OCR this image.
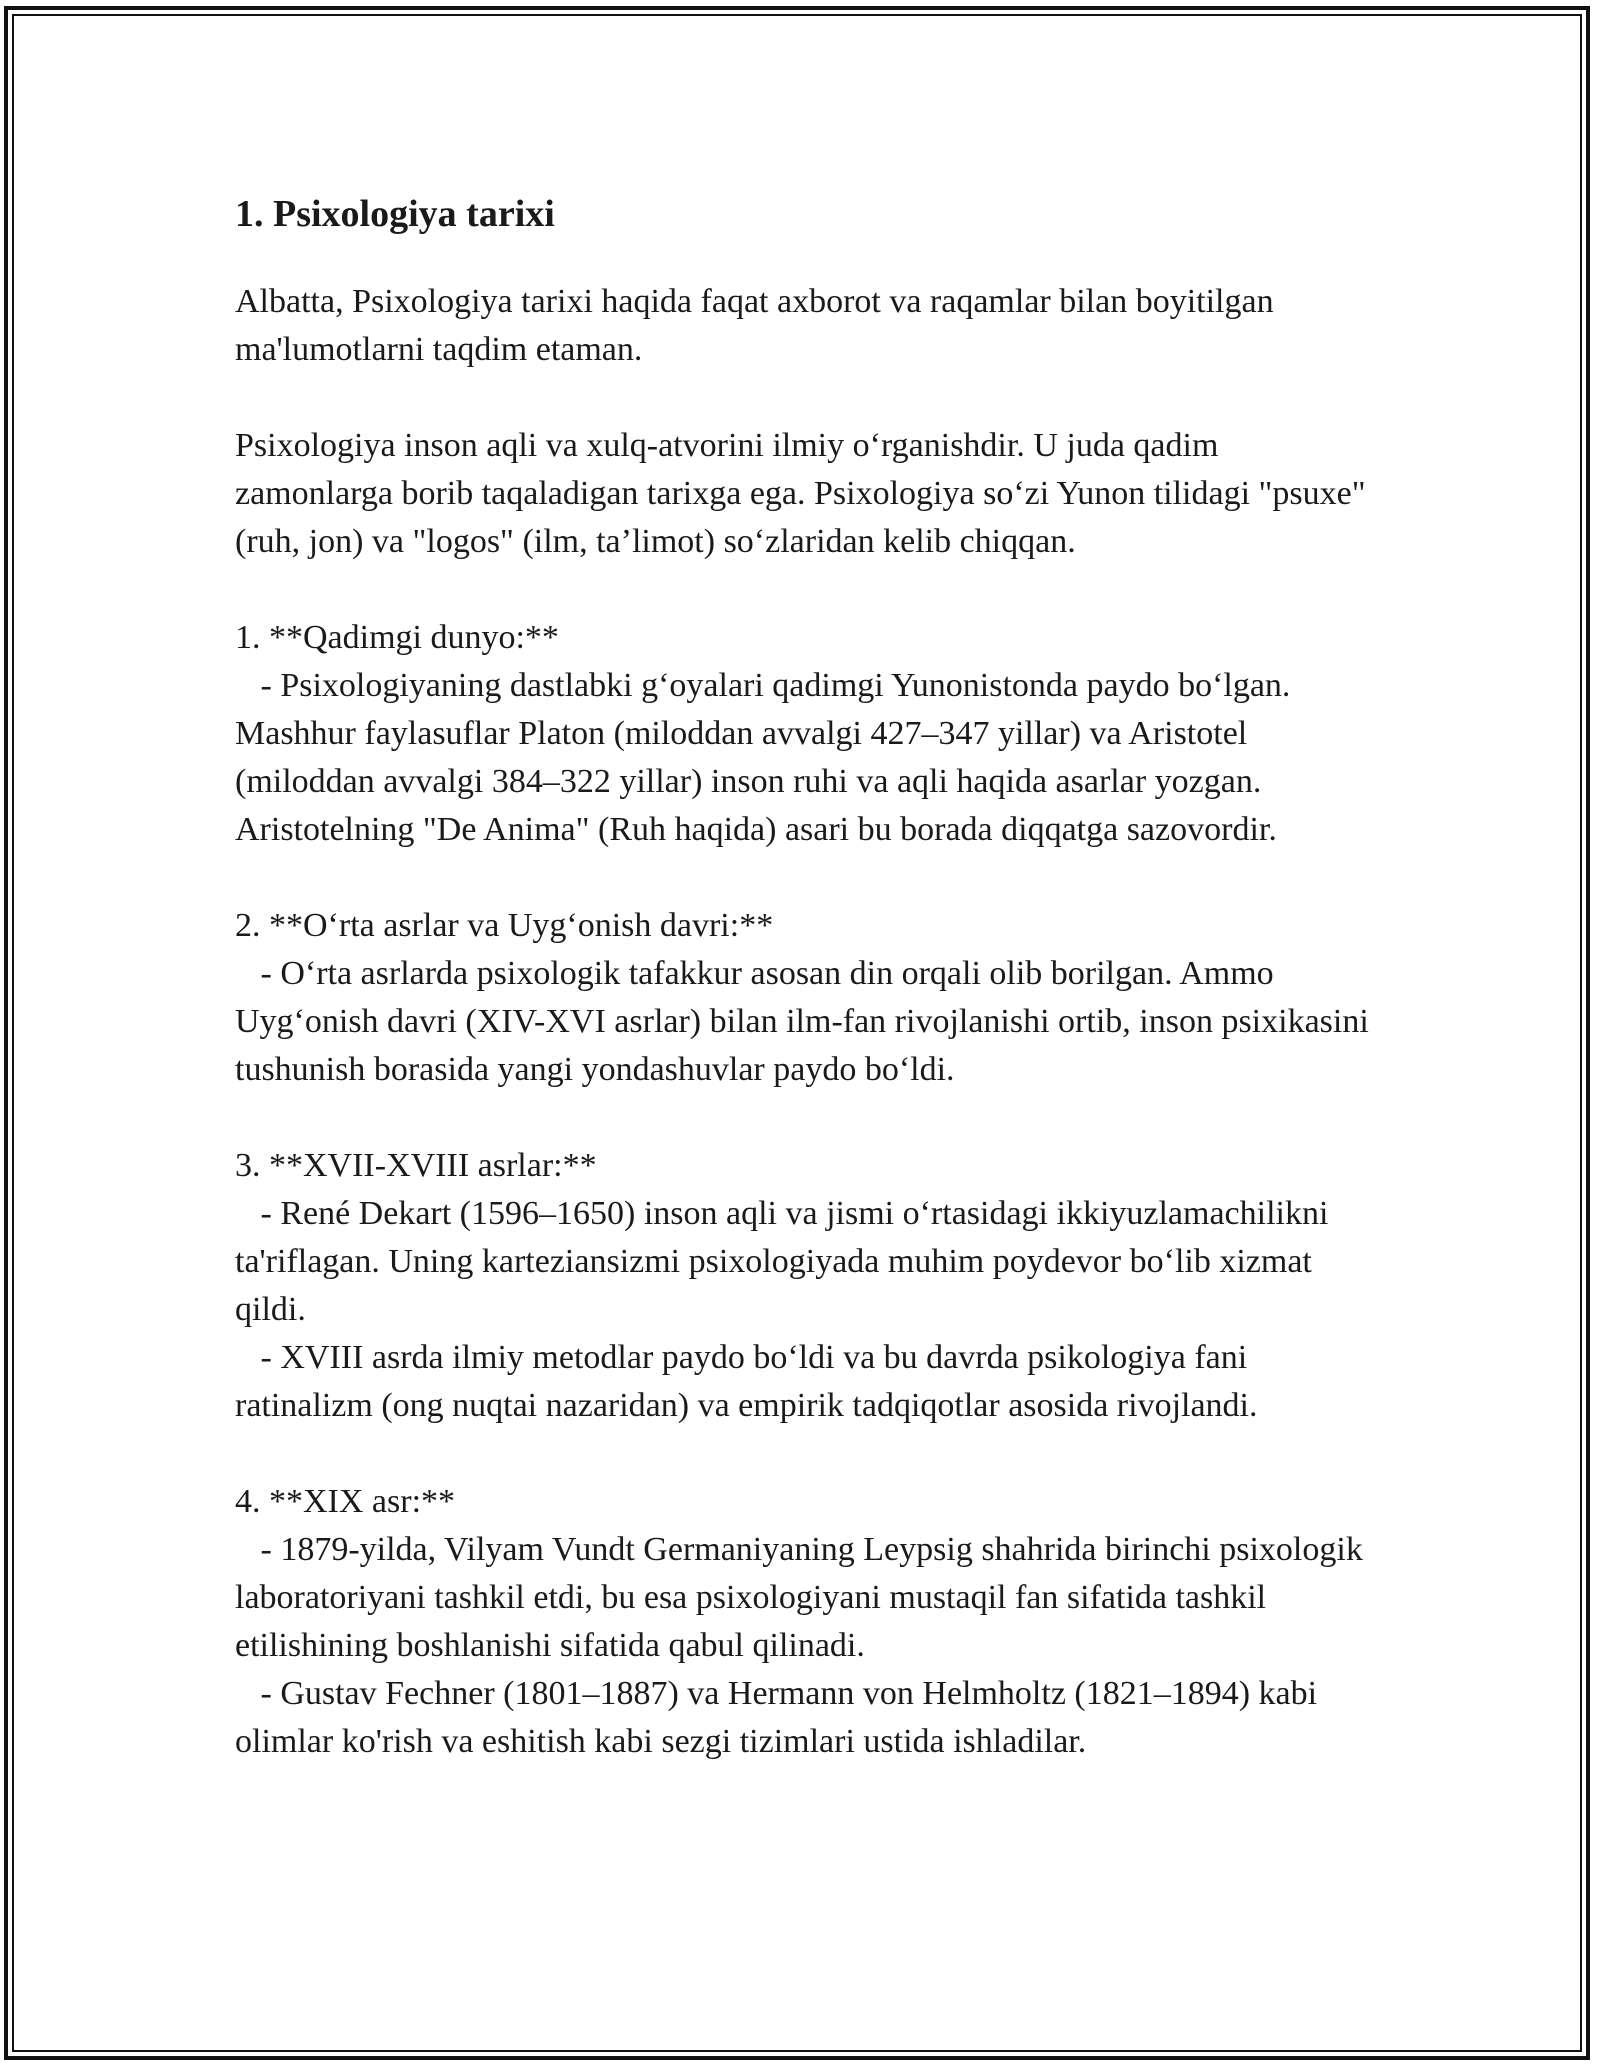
1. Psixologiya tarixi

Albatta, Psixologiya tarixi haqida faqat axborot va raqamlar bilan boyitilgan ma'lumotlarni taqdim etaman.

Psixologiya inson aqli va xulq-atvorini ilmiy o‘rganishdir. U juda qadim zamonlarga borib taqaladigan tarixga ega. Psixologiya so‘zi Yunon tilidagi "psuxe" (ruh, jon) va "logos" (ilm, ta’limot) so‘zlaridan kelib chiqqan.

1. **Qadimgi dunyo:**

- Psixologiyaning dastlabki g‘oyalari qadimgi Yunonistonda paydo bo‘lgan. Mashhur faylasuflar Platon (miloddan avvalgi 427–347 yillar) va Aristotel (miloddan avvalgi 384–322 yillar) inson ruhi va aqli haqida asarlar yozgan. Aristotelning "De Anima" (Ruh haqida) asari bu borada diqqatga sazovordir.

2. **O‘rta asrlar va Uyg‘onish davri:**

- O‘rta asrlarda psixologik tafakkur asosan din orqali olib borilgan. Ammo Uyg‘onish davri (XIV-XVI asrlar) bilan ilm-fan rivojlanishi ortib, inson psixikasini tushunish borasida yangi yondashuvlar paydo bo‘ldi.

3. **XVII-XVIII asrlar:**

- René Dekart (1596–1650) inson aqli va jismi o‘rtasidagi ikkiyuzlamachilikni ta'riflagan. Uning karteziansizmi psixologiyada muhim poydevor bo‘lib xizmat qildi.

- XVIII asrda ilmiy metodlar paydo bo‘ldi va bu davrda psikologiya fani ratinalizm (ong nuqtai nazaridan) va empirik tadqiqotlar asosida rivojlandi.

4. **XIX asr:**

- 1879-yilda, Vilyam Vundt Germaniyaning Leypsig shahrida birinchi psixologik laboratoriyani tashkil etdi, bu esa psixologiyani mustaqil fan sifatida tashkil etilishining boshlanishi sifatida qabul qilinadi.

- Gustav Fechner (1801–1887) va Hermann von Helmholtz (1821–1894) kabi olimlar ko'rish va eshitish kabi sezgi tizimlari ustida ishladilar.
